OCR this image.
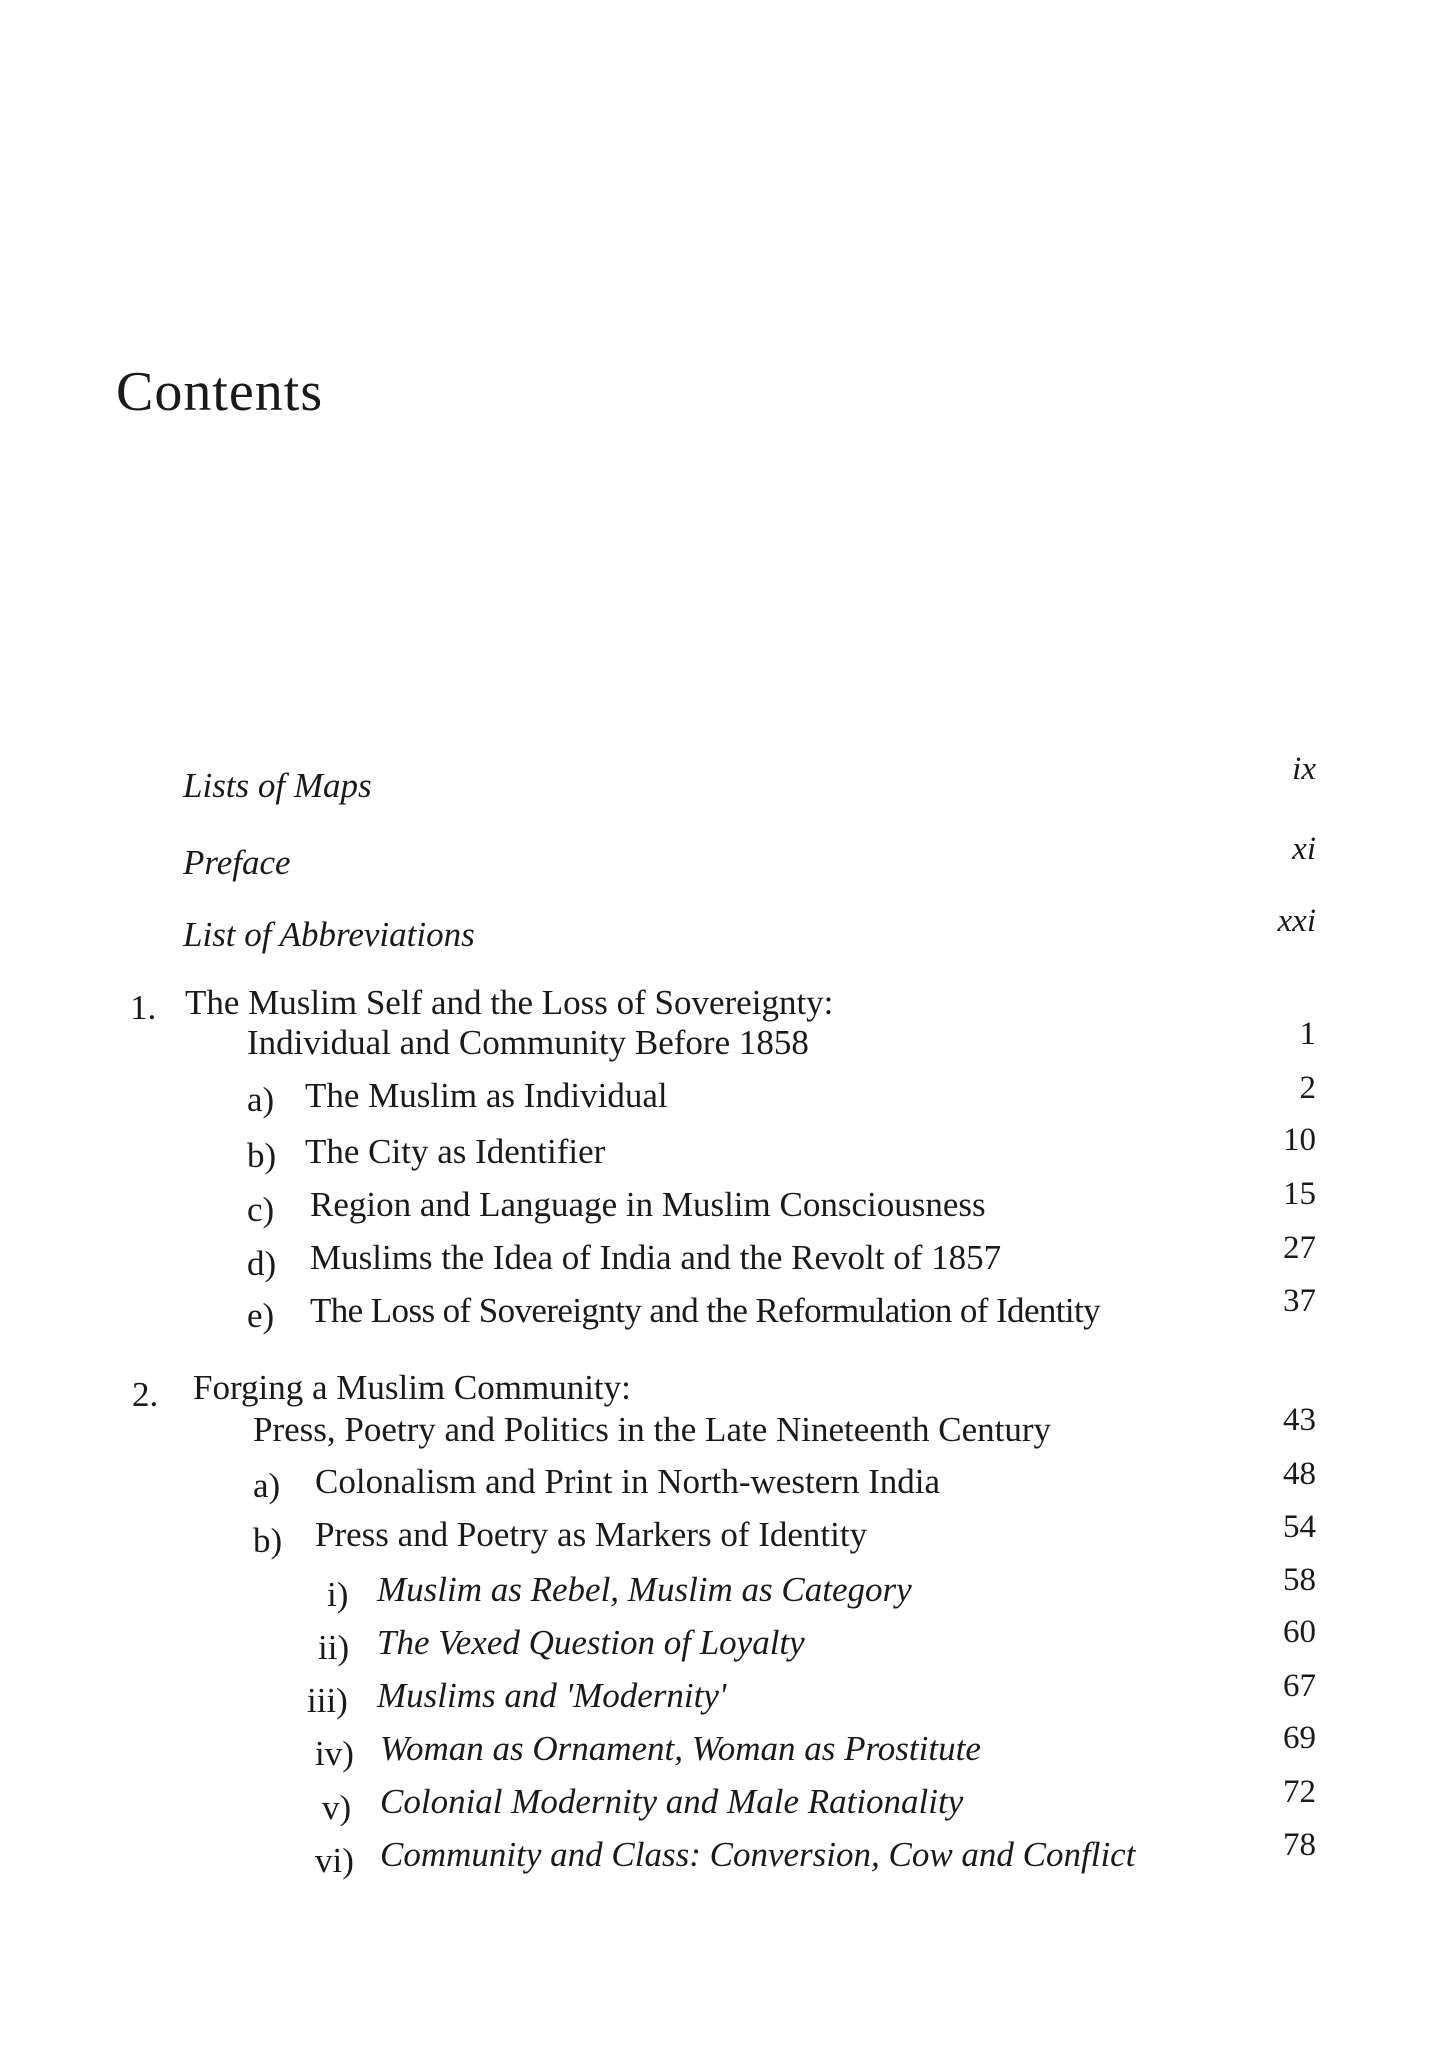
Contents
Lists of Maps	ix
Preface	xi
List of Abbreviations	xxi
1. The Muslim Self and the Loss of Sovereignty:
Individual and Community Before 1858	1
a) The Muslim as Individual	2
b) The City as Identifier	10
c) Region and Language in Muslim Consciousness	15
d) Muslims the Idea of India and the Revolt of 1857	27
e) The Loss of Sovereignty and the Reformulation of Identity	37
2. Forging a Muslim Community:
Press, Poetry and Politics in the Late Nineteenth Century	43
a) Colonalism and Print in North-western India	48
b) Press and Poetry as Markers of Identity	54
i) Muslim as Rebel, Muslim as Category	58
ii) The Vexed Question of Loyalty	60
iii) Muslims and 'Modernity'	67
iv) Woman as Ornament, Woman as Prostitute	69
v) Colonial Modernity and Male Rationality	72
vi) Community and Class: Conversion, Cow and Conflict	78
